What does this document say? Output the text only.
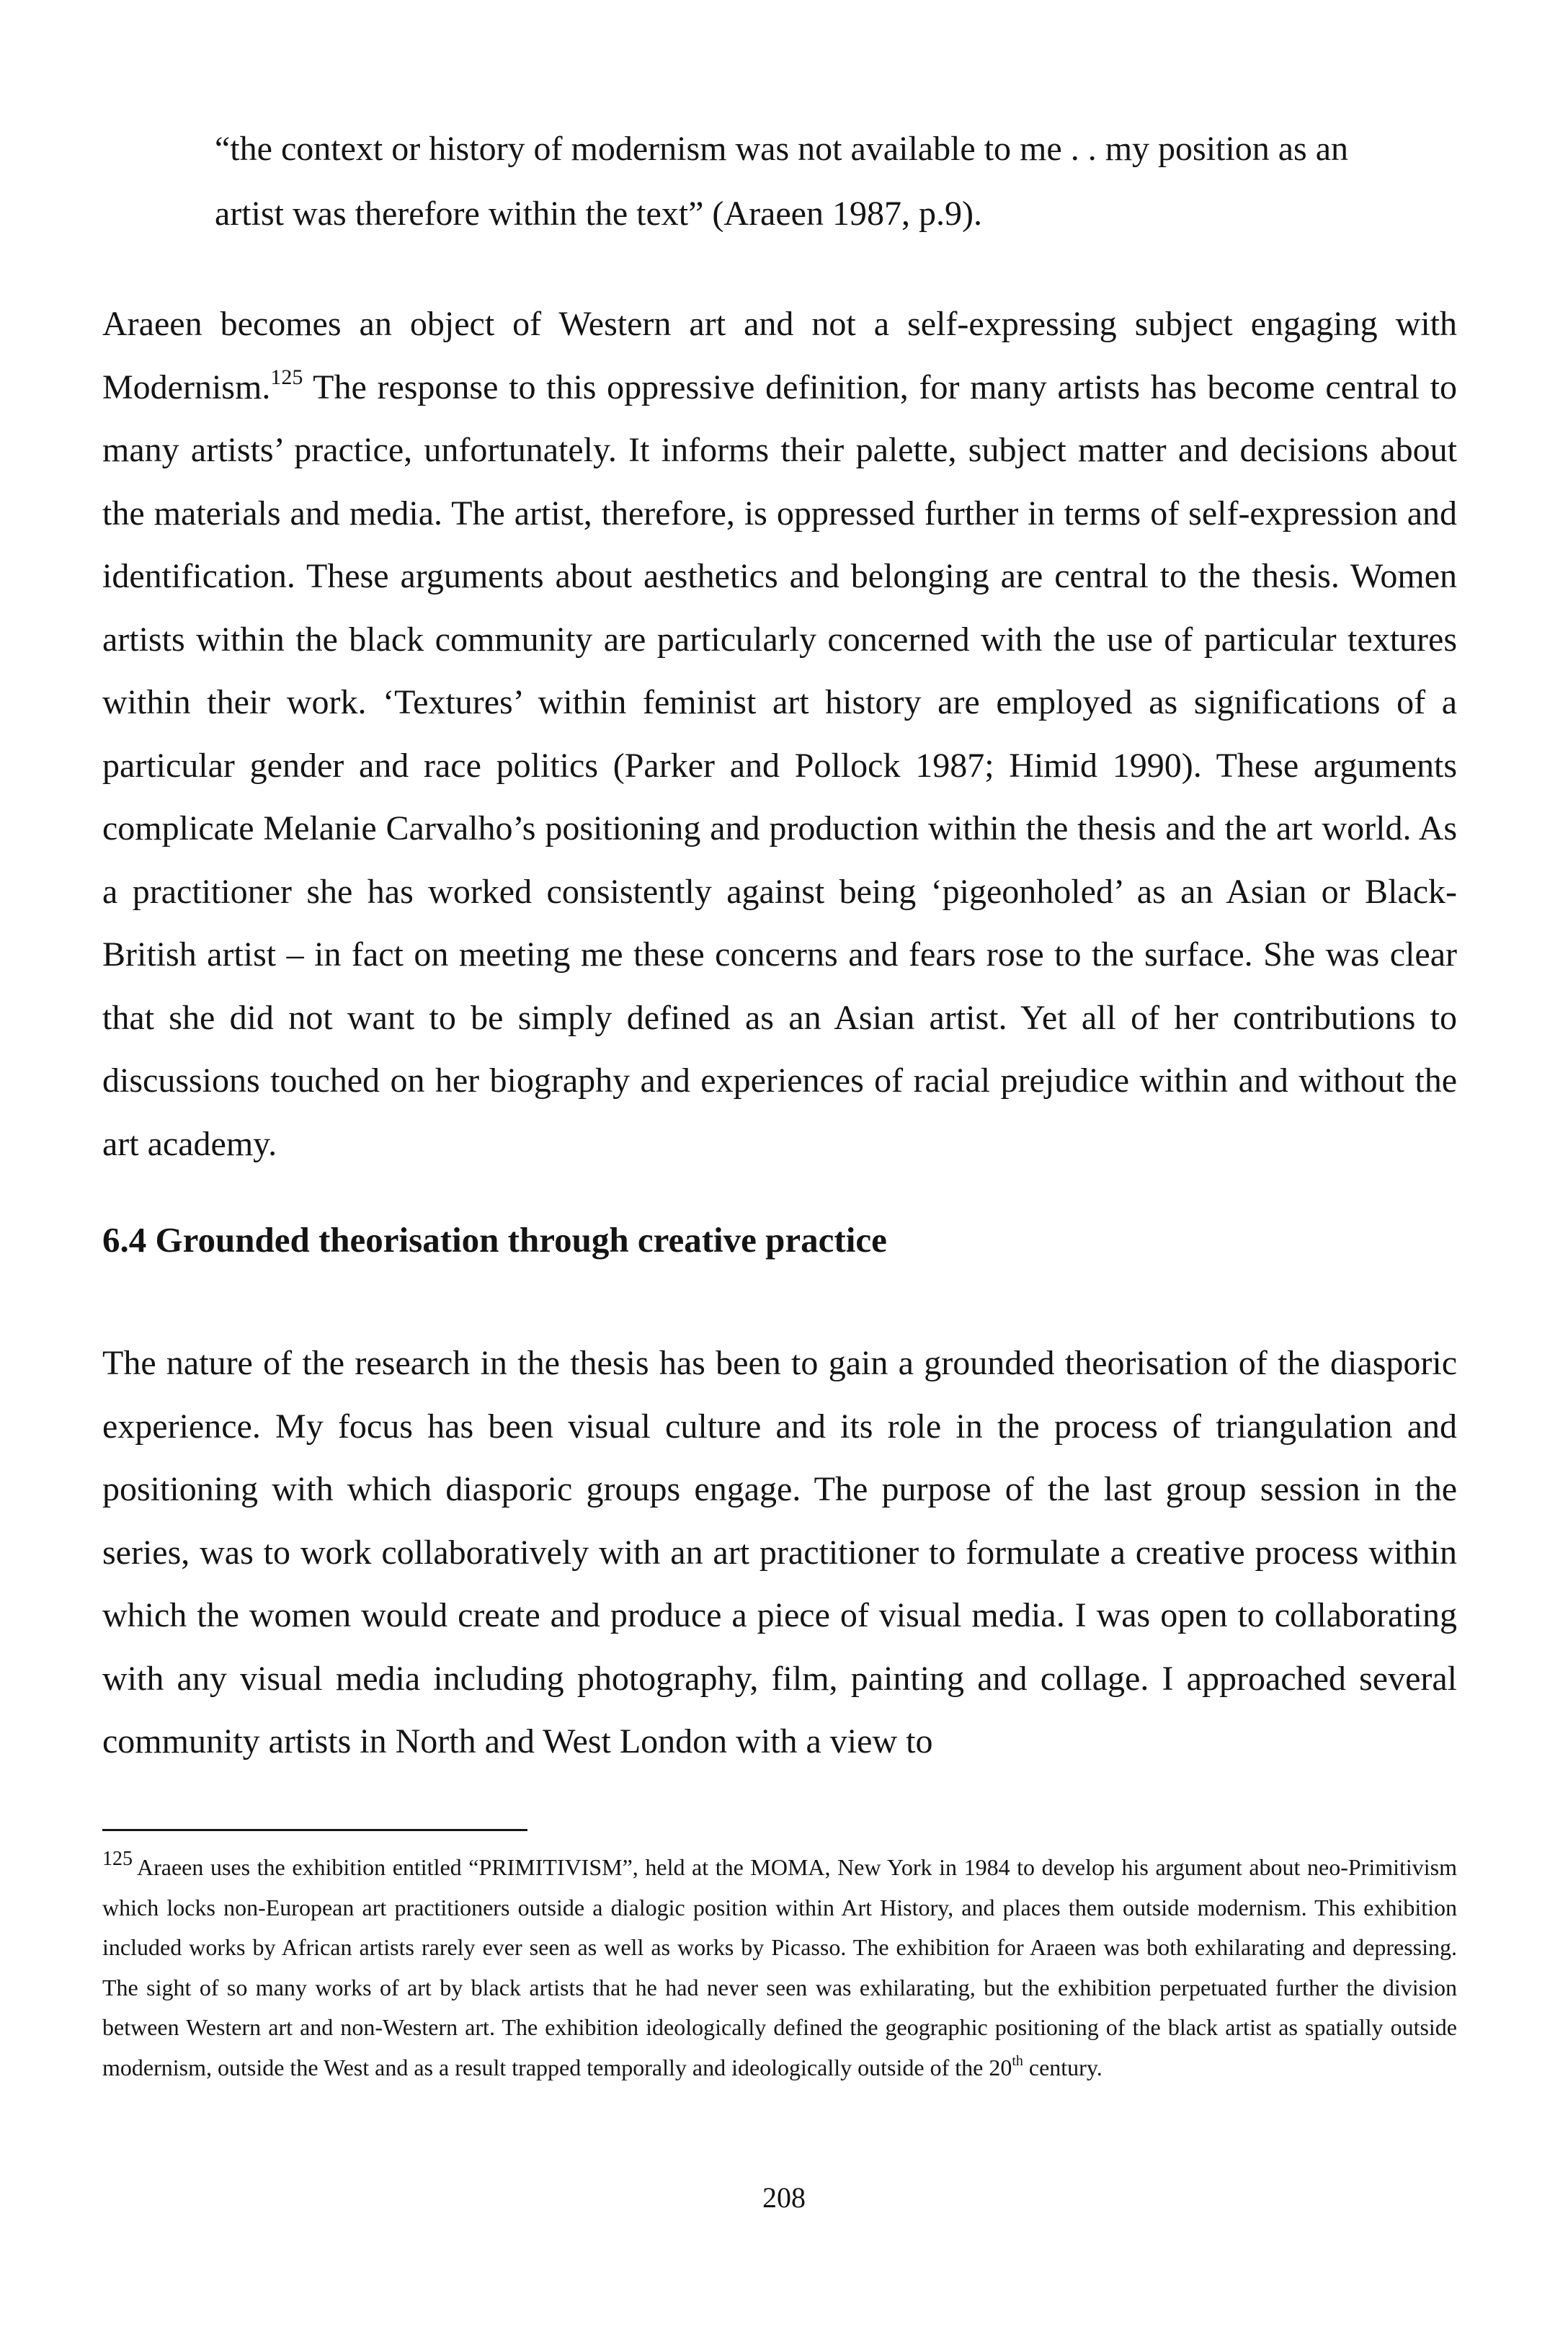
“the context or history of modernism was not available to me . . my position as an
artist was therefore within the text” (Araeen 1987, p.9).
Araeen becomes an object of Western art and not a self-expressing subject engaging with Modernism.$^{125}$ The response to this oppressive definition, for many artists has become central to many artists’ practice, unfortunately. It informs their palette, subject matter and decisions about the materials and media. The artist, therefore, is oppressed further in terms of self-expression and identification. These arguments about aesthetics and belonging are central to the thesis. Women artists within the black community are particularly concerned with the use of particular textures within their work. ‘Textures’ within feminist art history are employed as significations of a particular gender and race politics (Parker and Pollock 1987; Himid 1990). These arguments complicate Melanie Carvalho’s positioning and production within the thesis and the art world. As a practitioner she has worked consistently against being ‘pigeonholed’ as an Asian or Black-British artist – in fact on meeting me these concerns and fears rose to the surface. She was clear that she did not want to be simply defined as an Asian artist. Yet all of her contributions to discussions touched on her biography and experiences of racial prejudice within and without the art academy.
6.4 Grounded theorisation through creative practice
The nature of the research in the thesis has been to gain a grounded theorisation of the diasporic experience. My focus has been visual culture and its role in the process of triangulation and positioning with which diasporic groups engage. The purpose of the last group session in the series, was to work collaboratively with an art practitioner to formulate a creative process within which the women would create and produce a piece of visual media. I was open to collaborating with any visual media including photography, film, painting and collage. I approached several community artists in North and West London with a view to
125 Araeen uses the exhibition entitled “PRIMITIVISM”, held at the MOMA, New York in 1984 to develop his argument about neo-Primitivism which locks non-European art practitioners outside a dialogic position within Art History, and places them outside modernism. This exhibition included works by African artists rarely ever seen as well as works by Picasso. The exhibition for Araeen was both exhilarating and depressing. The sight of so many works of art by black artists that he had never seen was exhilarating, but the exhibition perpetuated further the division between Western art and non-Western art. The exhibition ideologically defined the geographic positioning of the black artist as spatially outside modernism, outside the West and as a result trapped temporally and ideologically outside of the 20th century.
208
